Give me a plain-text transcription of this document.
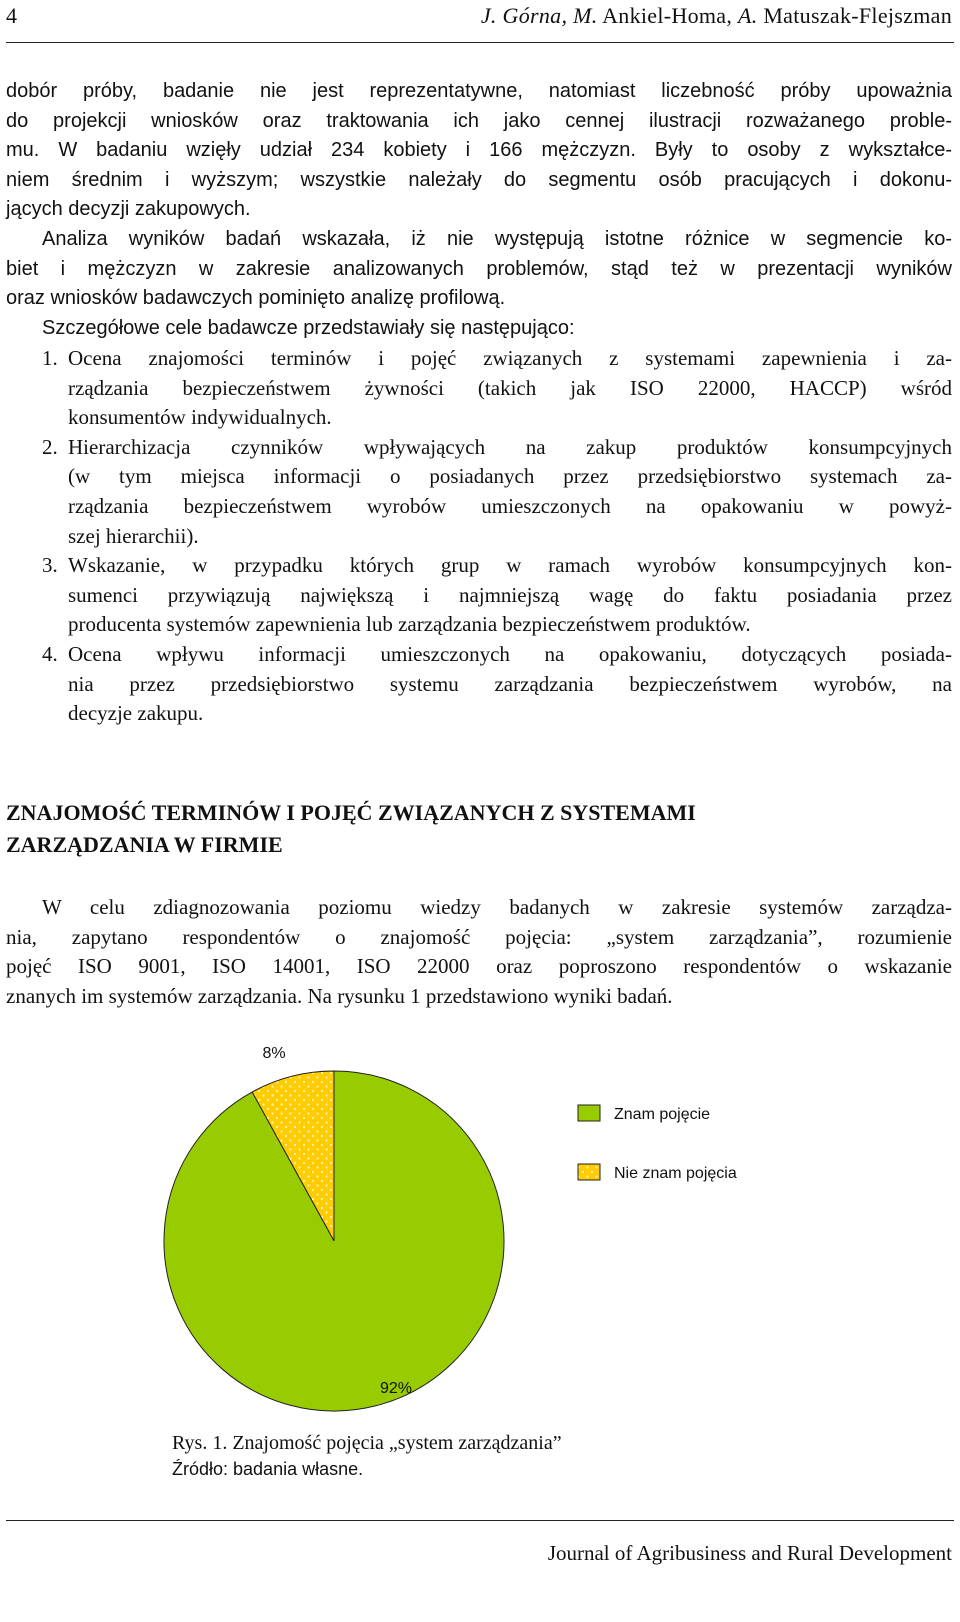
4	J. Górna, M. Ankiel-Homa, A. Matuszak-Flejszman
dobór próby, badanie nie jest reprezentatywne, natomiast liczebność próby upoważnia
do projekcji wniosków oraz traktowania ich jako cennej ilustracji rozważanego proble-
mu. W badaniu wzięły udział 234 kobiety i 166 mężczyzn. Były to osoby z wykształce-
niem średnim i wyższym; wszystkie należały do segmentu osób pracujących i dokonu-
jących decyzji zakupowych.
Analiza wyników badań wskazała, iż nie występują istotne różnice w segmencie ko-
biet i mężczyzn w zakresie analizowanych problemów, stąd też w prezentacji wyników
oraz wniosków badawczych pominięto analizę profilową.
Szczegółowe cele badawcze przedstawiały się następująco:
1. Ocena znajomości terminów i pojęć związanych z systemami zapewnienia i za-
rządzania bezpieczeństwem żywności (takich jak ISO 22000, HACCP) wśród
konsumentów indywidualnych.
2. Hierarchizacja czynników wpływających na zakup produktów konsumpcyjnych
(w tym miejsca informacji o posiadanych przez przedsiębiorstwo systemach za-
rządzania bezpieczeństwem wyrobów umieszczonych na opakowaniu w powyż-
szej hierarchii).
3. Wskazanie, w przypadku których grup w ramach wyrobów konsumpcyjnych kon-
sumenci przywiązują największą i najmniejszą wagę do faktu posiadania przez
producenta systemów zapewnienia lub zarządzania bezpieczeństwem produktów.
4. Ocena wpływu informacji umieszczonych na opakowaniu, dotyczących posiada-
nia przez przedsiębiorstwo systemu zarządzania bezpieczeństwem wyrobów, na
decyzje zakupu.
ZNAJOMOŚĆ TERMINÓW I POJĘĆ ZWIĄZANYCH Z SYSTEMAMI
ZARZĄDZANIA W FIRMIE
W celu zdiagnozowania poziomu wiedzy badanych w zakresie systemów zarządza-
nia, zapytano respondentów o znajomość pojęcia: „system zarządzania”, rozumienie
pojęć ISO 9001, ISO 14001, ISO 22000 oraz poproszono respondentów o wskazanie
znanych im systemów zarządzania. Na rysunku 1 przedstawiono wyniki badań.
8%
92%
Znam pojęcie
Nie znam pojęcia
Rys. 1. Znajomość pojęcia „system zarządzania”
Źródło: badania własne.
Journal of Agribusiness and Rural Development
